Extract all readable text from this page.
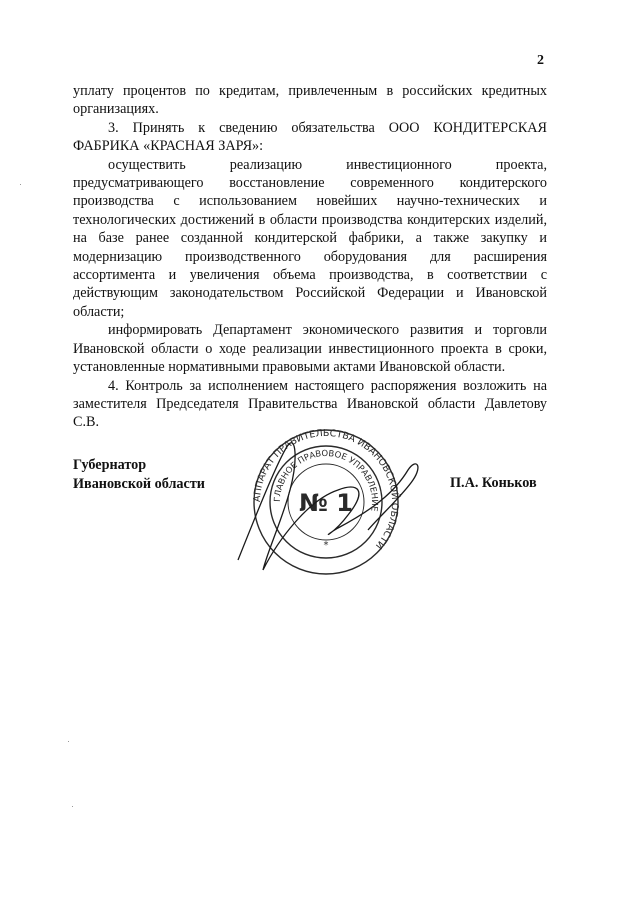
2

уплату процентов по кредитам, привлеченным в российских кредитных организациях.

3. Принять к сведению обязательства ООО КОНДИТЕРСКАЯ ФАБРИКА «КРАСНАЯ ЗАРЯ»:

осуществить реализацию инвестиционного проекта, предусматривающего восстановление современного кондитерского производства с использованием новейших научно-технических и технологических достижений в области производства кондитерских изделий, на базе ранее созданной кондитерской фабрики, а также закупку и модернизацию производственного оборудования для расширения ассортимента и увеличения объема производства, в соответствии с действующим законодательством Российской Федерации и Ивановской области;

информировать Департамент экономического развития и торговли Ивановской области о ходе реализации инвестиционного проекта в сроки, установленные нормативными правовыми актами Ивановской области.

4. Контроль за исполнением настоящего распоряжения возложить на заместителя Председателя Правительства Ивановской области Давлетову С.В.

Губернатор
Ивановской области	П.А. Коньков
АППАРАТ ПРАВИТЕЛЬСТВА ИВАНОВСКОЙ ОБЛАСТИ
ГЛАВНОЕ ПРАВОВОЕ УПРАВЛЕНИЕ
№ 1
*
